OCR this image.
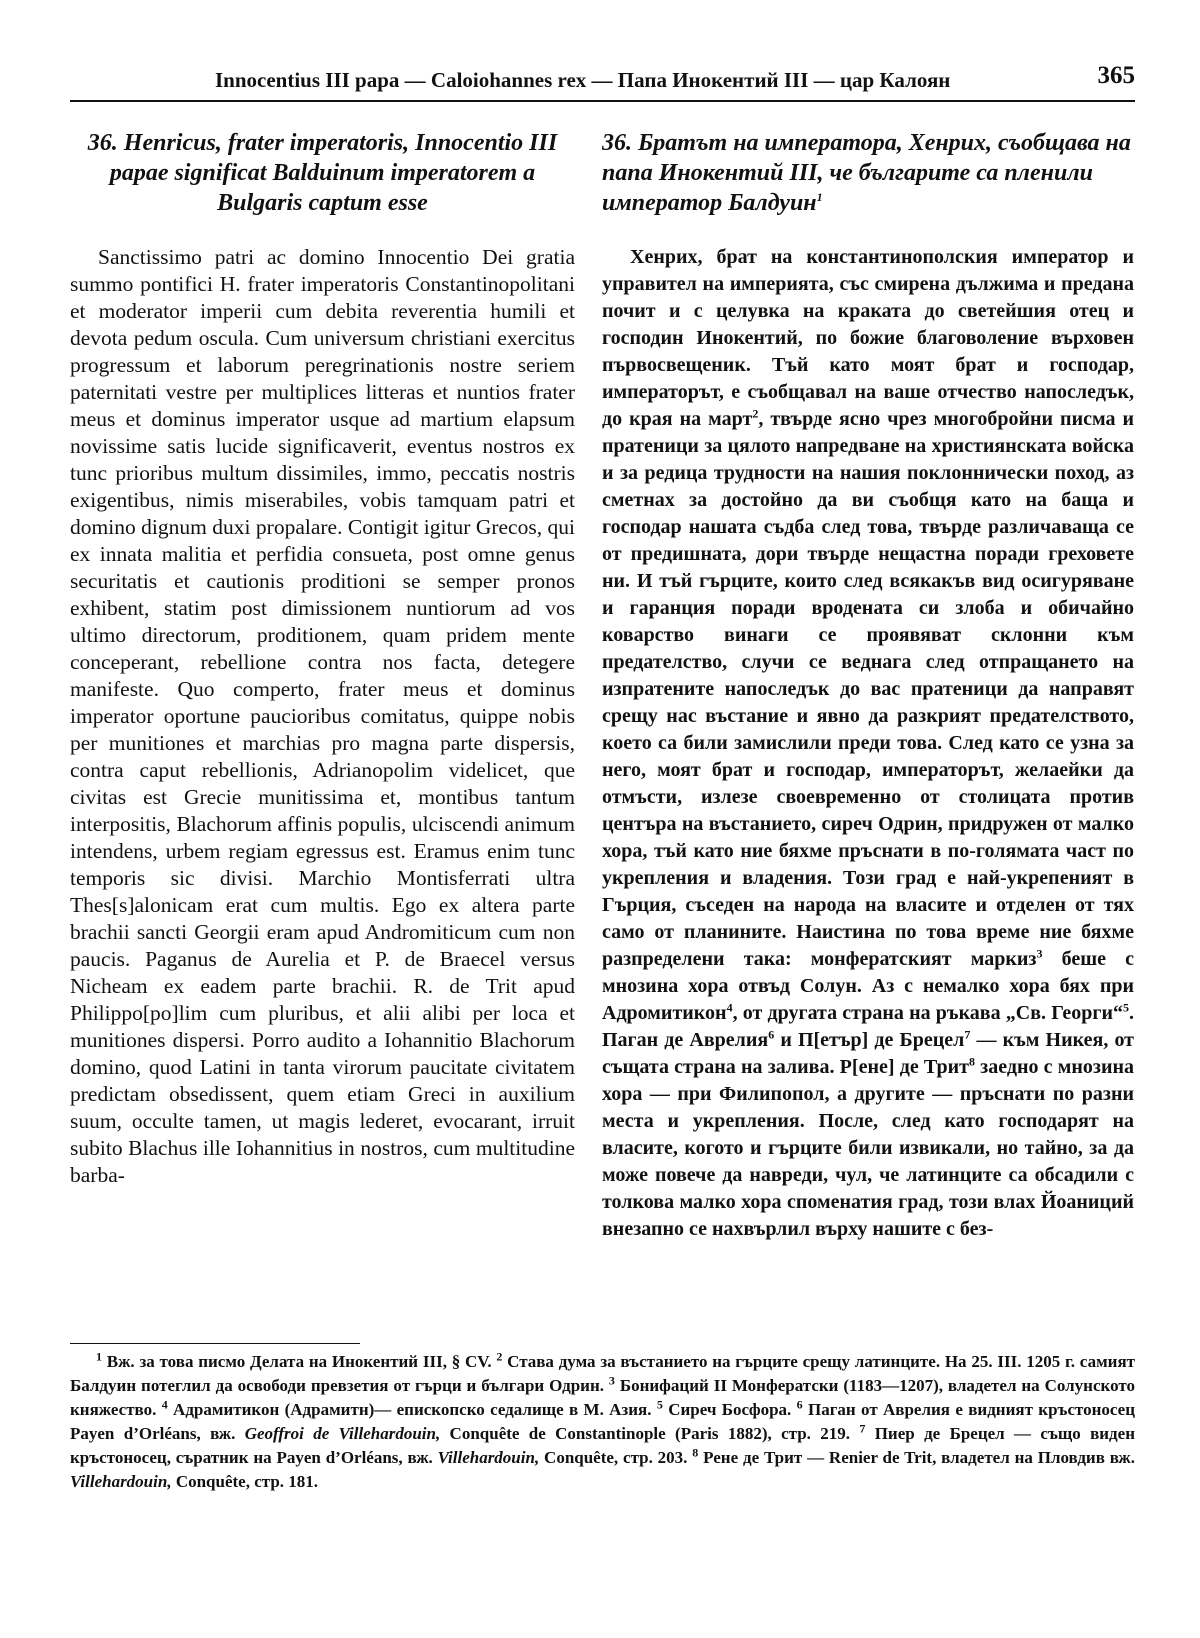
Innocentius III papa — Caloiohannes rex — Папа Инокентий III — цар Калоян	365
36. Henricus, frater imperatoris, Innocentio III papae significat Balduinum imperatorem a Bulgaris captum esse

Sanctissimo patri ac domino Innocentio Dei gratia summo pontifici H. frater imperatoris Constantinopolitani et moderator imperii cum debita reverentia humili et devota pedum oscula. Cum universum christiani exercitus progressum et laborum peregrinationis nostre seriem paternitati vestre per multiplices litteras et nuntios frater meus et dominus imperator usque ad martium elapsum novissime satis lucide significaverit, eventus nostros ex tunc prioribus multum dissimiles, immo, peccatis nostris exigentibus, nimis miserabiles, vobis tamquam patri et domino dignum duxi propalare. Contigit igitur Grecos, qui ex innata malitia et perfidia consueta, post omne genus securitatis et cautionis proditioni se semper pronos exhibent, statim post dimissionem nuntiorum ad vos ultimo directorum, proditionem, quam pridem mente conceperant, rebellione contra nos facta, detegere manifeste. Quo comperto, frater meus et dominus imperator oportune paucioribus comitatus, quippe nobis per munitiones et marchias pro magna parte dispersis, contra caput rebellionis, Adrianopolim videlicet, que civitas est Grecie munitissima et, montibus tantum interpositis, Blachorum affinis populis, ulciscendi animum intendens, urbem regiam egressus est. Eramus enim tunc temporis sic divisi. Marchio Montisferrati ultra Thes[s]alonicam erat cum multis. Ego ex altera parte brachii sancti Georgii eram apud Andromiticum cum non paucis. Paganus de Aurelia et P. de Braecel versus Nicheam ex eadem parte brachii. R. de Trit apud Philippo[po]lim cum pluribus, et alii alibi per loca et munitiones dispersi. Porro audito a Iohannitio Blachorum domino, quod Latini in tanta virorum paucitate civitatem predictam obsedissent, quem etiam Greci in auxilium suum, occulte tamen, ut magis lederet, evocarant, irruit subito Blachus ille Iohannitius in nostros, cum multitudine barba-

36. Братът на императора, Хенрих, съобщава на папа Инокентий III, че българите са пленили император Балдуин$^1$

Хенрих, брат на константинополския император и управител на империята, със смирена дължима и предана почит и с целувка на краката до светейшия отец и господин Инокентий, по божие благоволение върховен първосвещеник. Тъй като моят брат и господар, императорът, е съобщавал на ваше отчество напоследък, до края на март$^2$, твърде ясно чрез многобройни писма и пратеници за цялото напредване на християнската войска и за редица трудности на нашия поклоннически поход, аз сметнах за достойно да ви съобщя като на баща и господар нашата съдба след това, твърде различаваща се от предишната, дори твърде нещастна поради греховете ни. И тъй гърците, които след всякакъв вид осигуряване и гаранция поради вродената си злоба и обичайно коварство винаги се проявяват склонни към предателство, случи се веднага след отпращането на изпратените напоследък до вас пратеници да направят срещу нас въстание и явно да разкрият предателството, което са били замислили преди това. След като се узна за него, моят брат и господар, императорът, желаейки да отмъсти, излезе своевременно от столицата против центъра на въстанието, сиреч Одрин, придружен от малко хора, тъй като ние бяхме пръснати в по-голямата част по укрепления и владения. Този град е най-укрепеният в Гърция, съседен на народа на власите и отделен от тях само от планините. Наистина по това време ние бяхме разпределени така: монфератският маркиз$^3$ беше с мнозина хора отвъд Солун. Аз с немалко хора бях при Адромитикон$^4$, от другата страна на ръкава „Св. Георги“$^5$. Паган де Аврелия$^6$ и П[етър] де Брецел$^7$ — към Никея, от същата страна на залива. Р[ене] де Трит$^8$ заедно с мнозина хора — при Филипопол, а другите — пръснати по разни места и укрепления. После, след като господарят на власите, когото и гърците били извикали, но тайно, за да може повече да навреди, чул, че латинците са обсадили с толкова малко хора споменатия град, този влах Йоаниций внезапно се нахвърлил върху нашите с без-

$^1$ Вж. за това писмо Делата на Инокентий III, § CV. $^2$ Става дума за въстанието на гърците срещу латинците. На 25. III. 1205 г. самият Балдуин потеглил да освободи превзетия от гърци и българи Одрин. $^3$ Бонифаций II Монфератски (1183—1207), владетел на Солунското княжество. $^4$ Адрамитикон (Адрамитн)— епископско седалище в М. Азия. $^5$ Сиреч Босфора. $^6$ Паган от Аврелия е видният кръстоносец Payen d’Orléans, вж. Geoffroi de Villehardouin, Conquête de Constantinople (Paris 1882), стр. 219. $^7$ Пиер де Брецел — също виден кръстоносец, съратник на Payen d’Orléans, вж. Villehardouin, Conquête, стр. 203. $^8$ Рене де Трит — Renier de Trit, владетел на Пловдив вж. Villehardouin, Conquête, стр. 181.
